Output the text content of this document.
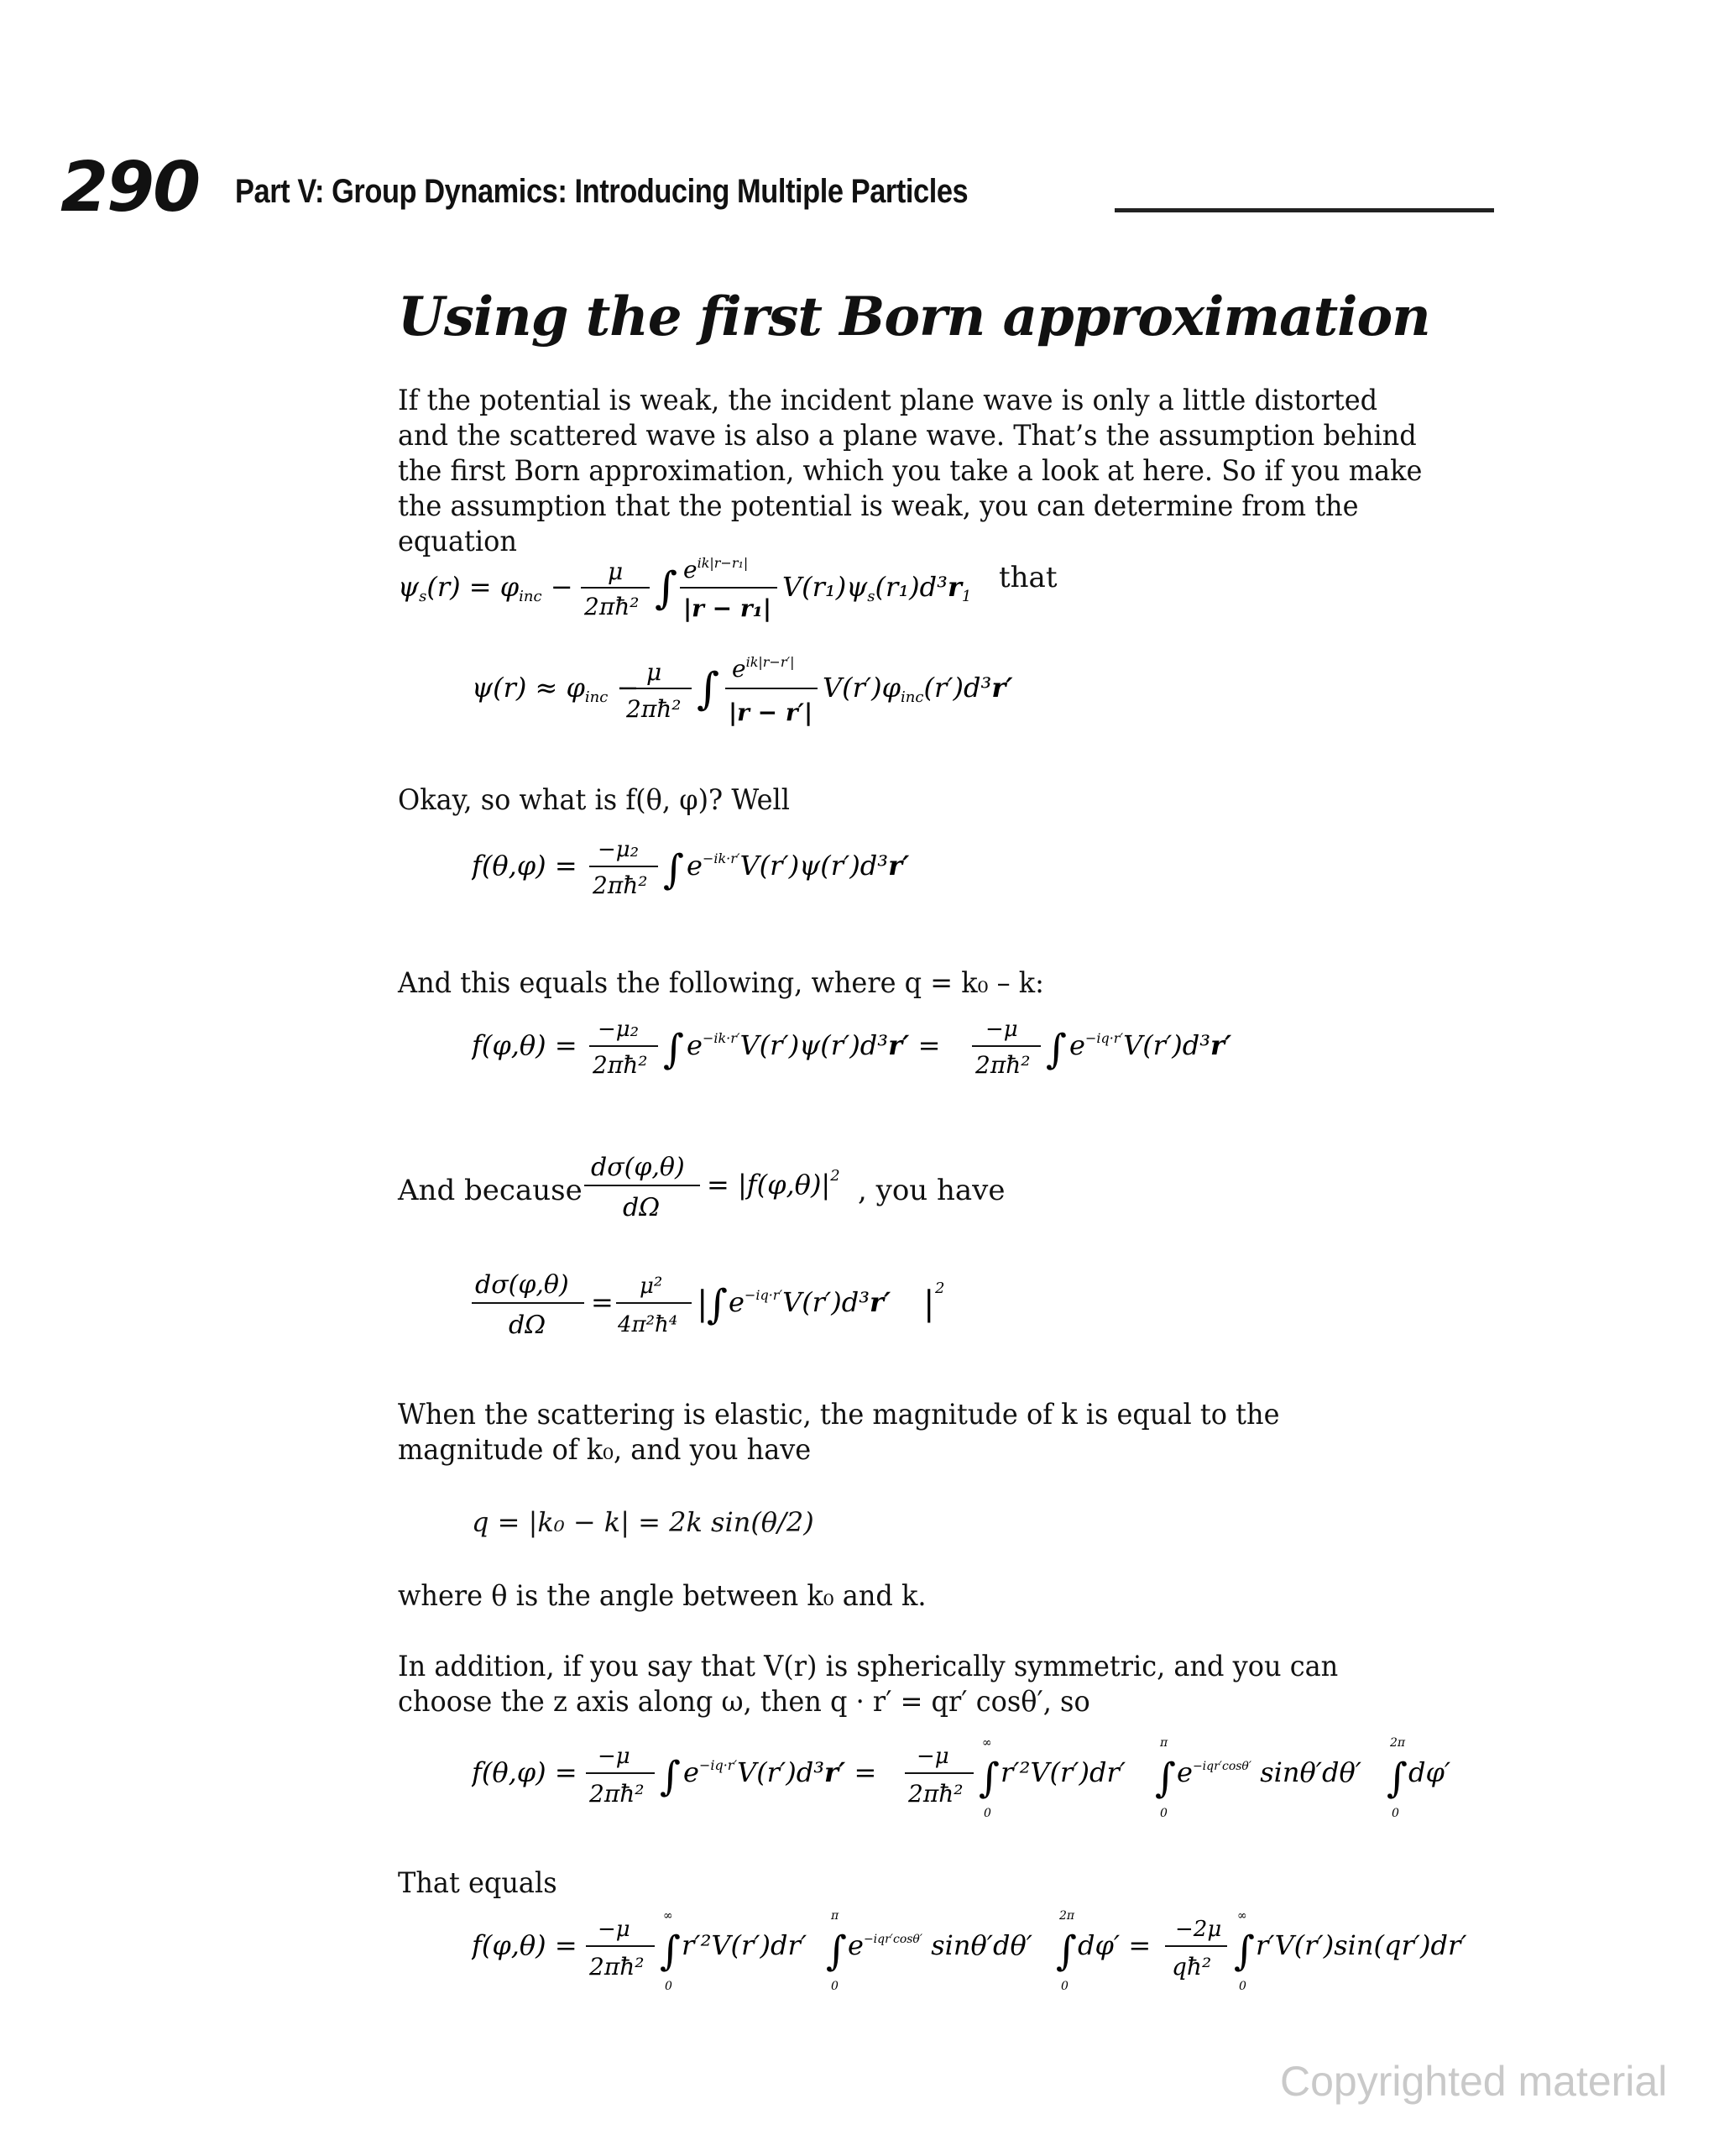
290 Part V: Group Dynamics: Introducing Multiple Particles
Using the first Born approximation
If the potential is weak, the incident plane wave is only a little distorted and the scattered wave is also a plane wave. That’s the assumption behind the first Born approximation, which you take a look at here. So if you make the assumption that the potential is weak, you can determine from the equation
ψs(r) = φinc − μ
2πħ² ∫ $e^{ik|r-r_1|}$
|r − r₁|
V(r₁)ψs(r₁)d³r1
that
ψ(r) ≈ φinc − μ
2πħ² ∫ $e^{ik|r-r'|}$
|r − r′|
V(r′)φinc(r′)d³r′
Okay, so what is f(θ, φ)? Well
f(θ,φ) = −μ₂
2πħ² ∫ $e^{-ik\cdot r'}V(r')\psi(r')d^3r'$
And this equals the following, where q = k₀ – k:
f(φ,θ) = −μ₂
2πħ² ∫ $e^{-ik\cdot r'}V(r')\psi(r')d^3r' = -\mu$
2πħ² ∫ $e^{-iq\cdot r'}V(r')d^3r'$
And because
dσ(φ,θ)
dΩ
= $|f(\varphi,\theta)|^2$ , you have
dσ(φ,θ)
dΩ
= μ²
4π²ħ⁴
|
∫ $e^{-iq\cdot r'}V(r')d^3r'$ | 2
When the scattering is elastic, the magnitude of k is equal to the magnitude of k₀, and you have
q = |k₀ − k| = 2k sin(θ/2)
where θ is the angle between k₀ and k.
In addition, if you say that V(r) is spherically symmetric, and you can choose the z axis along ω, then q · r′ = qr′ cosθ′, so
f(θ,φ) = −μ
2πħ² ∫ $e^{-iq\cdot r'}V(r')d^3r' = -\mu$
2πħ²
∞
∫
0
r′²V(r′)dr′
π
∫
0
$e^{-iqr'cos\theta'}$ sinθ′dθ′
2π
∫
0
dφ′
That equals
f(φ,θ) = −μ
2πħ²
∞
∫
0
r′²V(r′)dr′
π
∫
0
$e^{-iqr'cos\theta'}$ sinθ′dθ′
2π
∫
0
dφ′ = −2μ
qħ²
∞
∫
0
r′V(r′)sin(qr′)dr′
Copyrighted material
